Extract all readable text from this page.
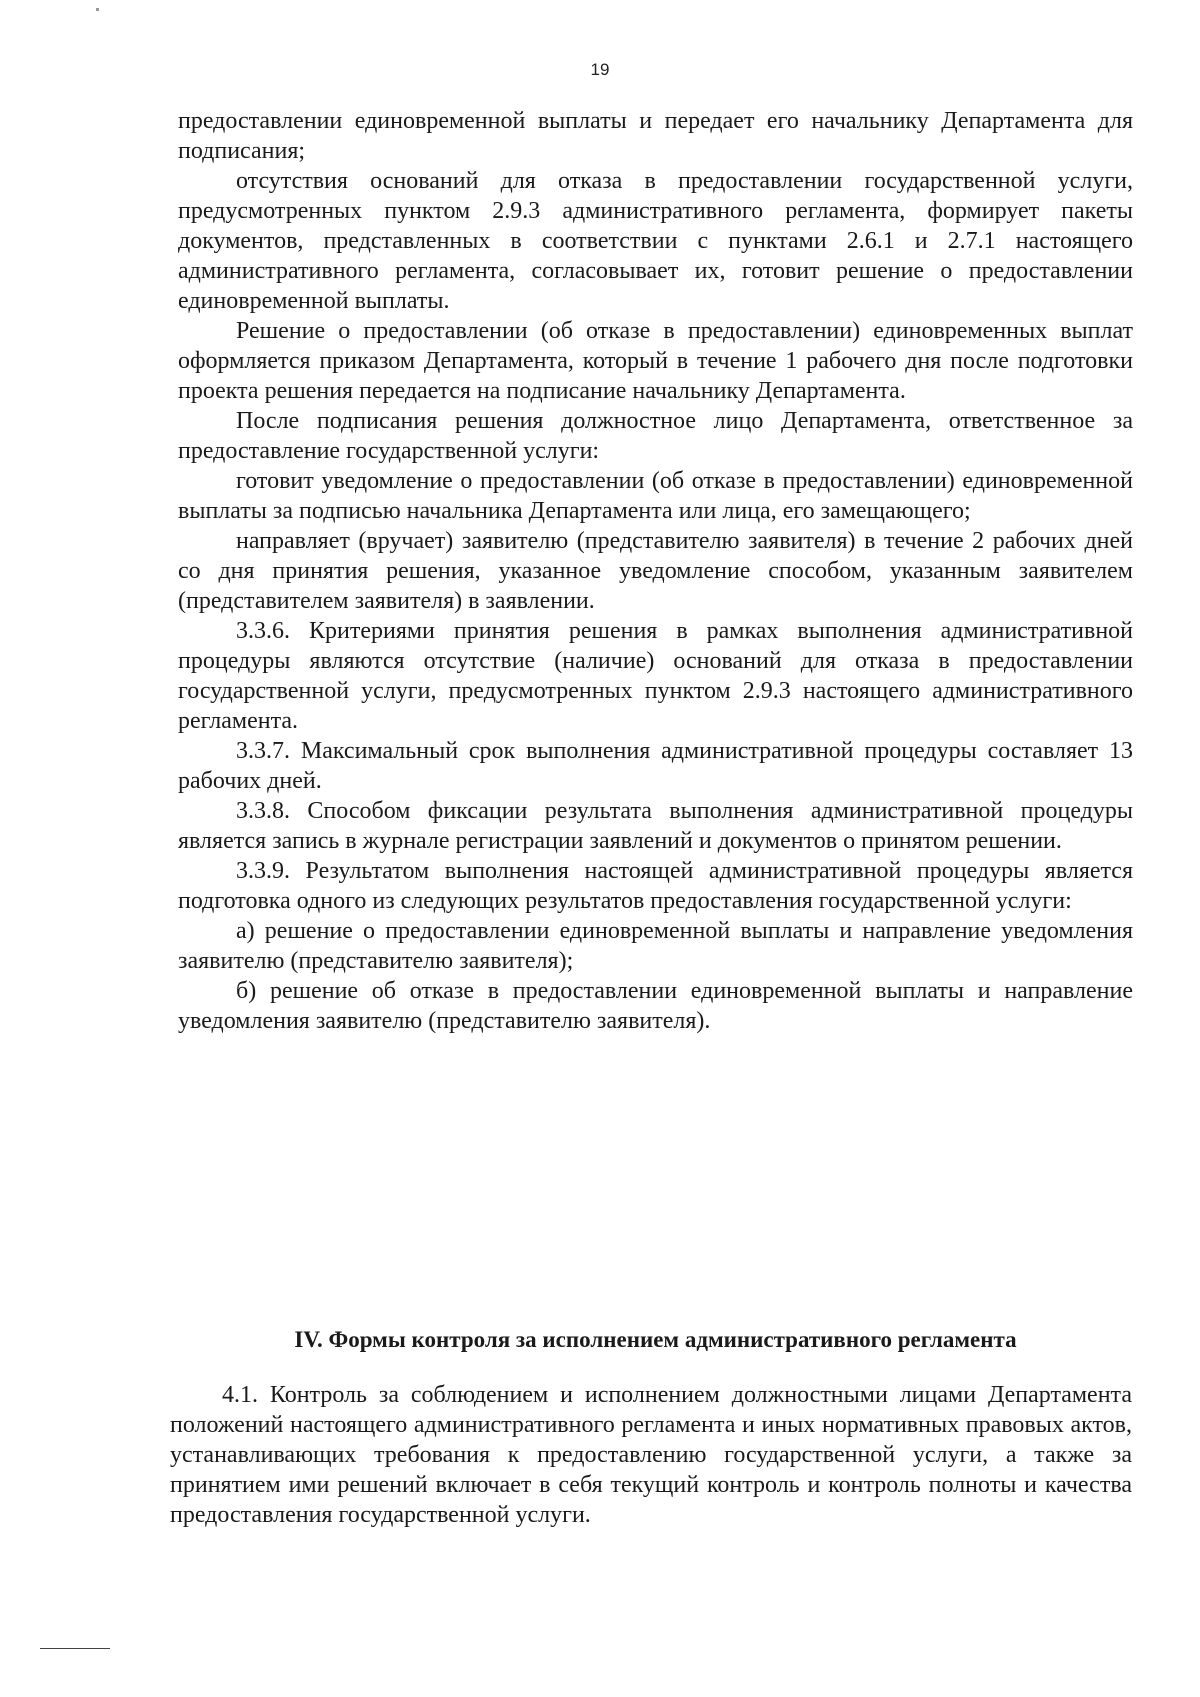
19

предоставлении единовременной выплаты и передает его начальнику Департамента для подписания;

отсутствия оснований для отказа в предоставлении государственной услуги, предусмотренных пунктом 2.9.3 административного регламента, формирует пакеты документов, представленных в соответствии с пунктами 2.6.1 и 2.7.1 настоящего административного регламента, согласовывает их, готовит решение о предоставлении единовременной выплаты.

Решение о предоставлении (об отказе в предоставлении) единовременных выплат оформляется приказом Департамента, который в течение 1 рабочего дня после подготовки проекта решения передается на подписание начальнику Департамента.

После подписания решения должностное лицо Департамента, ответственное за предоставление государственной услуги:

готовит уведомление о предоставлении (об отказе в предоставлении) единовременной выплаты за подписью начальника Департамента или лица, его замещающего;

направляет (вручает) заявителю (представителю заявителя) в течение 2 рабочих дней со дня принятия решения, указанное уведомление способом, указанным заявителем (представителем заявителя) в заявлении.

3.3.6. Критериями принятия решения в рамках выполнения административной процедуры являются отсутствие (наличие) оснований для отказа в предоставлении государственной услуги, предусмотренных пунктом 2.9.3 настоящего административного регламента.

3.3.7. Максимальный срок выполнения административной процедуры составляет 13 рабочих дней.

3.3.8. Способом фиксации результата выполнения административной процедуры является запись в журнале регистрации заявлений и документов о принятом решении.

3.3.9. Результатом выполнения настоящей административной процедуры является подготовка одного из следующих результатов предоставления государственной услуги:

а) решение о предоставлении единовременной выплаты и направление уведомления заявителю (представителю заявителя);

б) решение об отказе в предоставлении единовременной выплаты и направление уведомления заявителю (представителю заявителя).

IV. Формы контроля за исполнением административного регламента

4.1. Контроль за соблюдением и исполнением должностными лицами Департамента положений настоящего административного регламента и иных нормативных правовых актов, устанавливающих требования к предоставлению государственной услуги, а также за принятием ими решений включает в себя текущий контроль и контроль полноты и качества предоставления государственной услуги.
